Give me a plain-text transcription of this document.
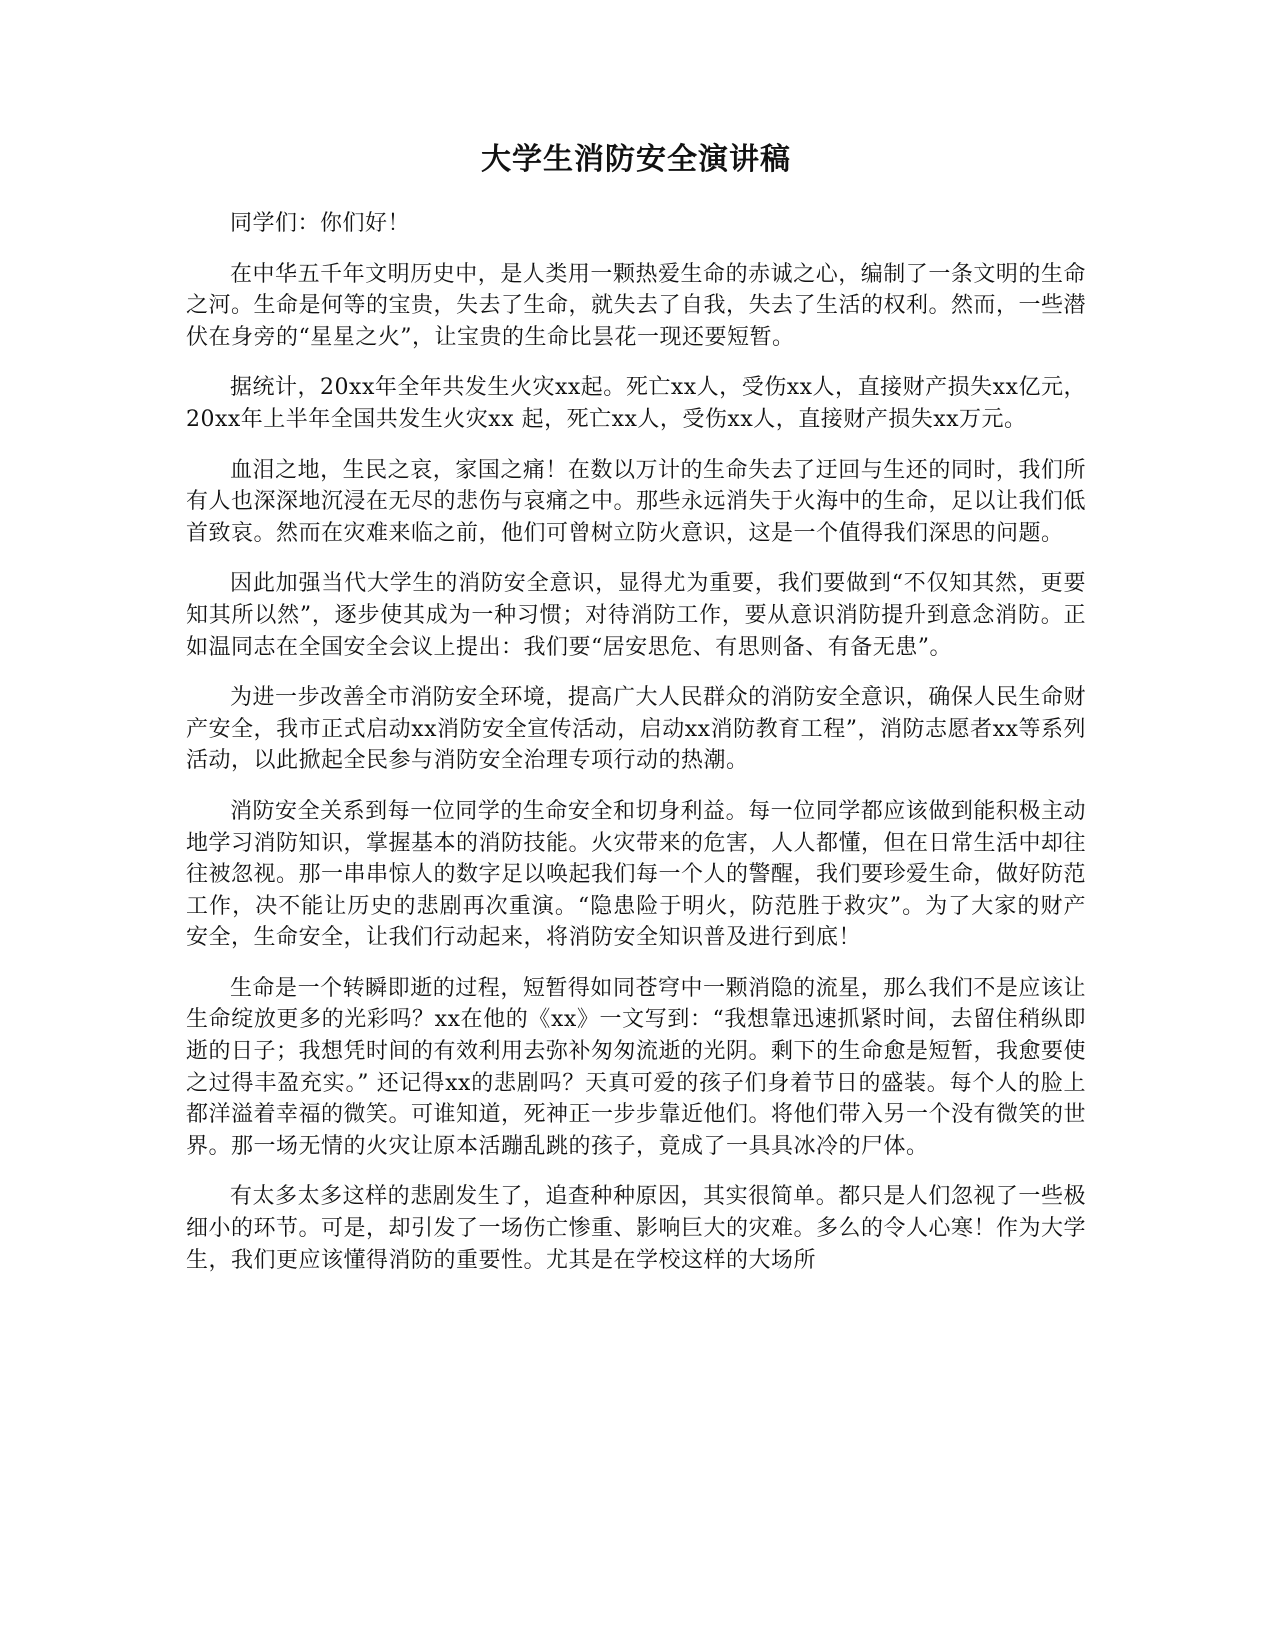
大学生消防安全演讲稿

同学们：你们好！

在中华五千年文明历史中，是人类用一颗热爱生命的赤诚之心，编制了一条文明的生命之河。生命是何等的宝贵，失去了生命，就失去了自我，失去了生活的权利。然而，一些潜伏在身旁的“星星之火”，让宝贵的生命比昙花一现还要短暂。

据统计，20xx年全年共发生火灾xx起。死亡xx人，受伤xx人，直接财产损失xx亿元，20xx年上半年全国共发生火灾xx 起，死亡xx人，受伤xx人，直接财产损失xx万元。

血泪之地，生民之哀，家国之痛！在数以万计的生命失去了迂回与生还的同时，我们所有人也深深地沉浸在无尽的悲伤与哀痛之中。那些永远消失于火海中的生命，足以让我们低首致哀。然而在灾难来临之前，他们可曾树立防火意识，这是一个值得我们深思的问题。

因此加强当代大学生的消防安全意识，显得尤为重要，我们要做到“不仅知其然，更要知其所以然”，逐步使其成为一种习惯；对待消防工作，要从意识消防提升到意念消防。正如温同志在全国安全会议上提出：我们要“居安思危、有思则备、有备无患”。

为进一步改善全市消防安全环境，提高广大人民群众的消防安全意识，确保人民生命财产安全，我市正式启动xx消防安全宣传活动，启动xx消防教育工程”，消防志愿者xx等系列活动，以此掀起全民参与消防安全治理专项行动的热潮。

消防安全关系到每一位同学的生命安全和切身利益。每一位同学都应该做到能积极主动地学习消防知识，掌握基本的消防技能。火灾带来的危害，人人都懂，但在日常生活中却往往被忽视。那一串串惊人的数字足以唤起我们每一个人的警醒，我们要珍爱生命，做好防范工作，决不能让历史的悲剧再次重演。“隐患险于明火，防范胜于救灾”。为了大家的财产安全，生命安全，让我们行动起来，将消防安全知识普及进行到底！

生命是一个转瞬即逝的过程，短暂得如同苍穹中一颗消隐的流星，那么我们不是应该让生命绽放更多的光彩吗？xx在他的《xx》一文写到：“我想靠迅速抓紧时间，去留住稍纵即逝的日子；我想凭时间的有效利用去弥补匆匆流逝的光阴。剩下的生命愈是短暂，我愈要使之过得丰盈充实。” 还记得xx的悲剧吗？天真可爱的孩子们身着节日的盛装。每个人的脸上都洋溢着幸福的微笑。可谁知道，死神正一步步靠近他们。将他们带入另一个没有微笑的世界。那一场无情的火灾让原本活蹦乱跳的孩子，竟成了一具具冰冷的尸体。

有太多太多这样的悲剧发生了，追查种种原因，其实很简单。都只是人们忽视了一些极细小的环节。可是，却引发了一场伤亡惨重、影响巨大的灾难。多么的令人心寒！作为大学生，我们更应该懂得消防的重要性。尤其是在学校这样的大场所
